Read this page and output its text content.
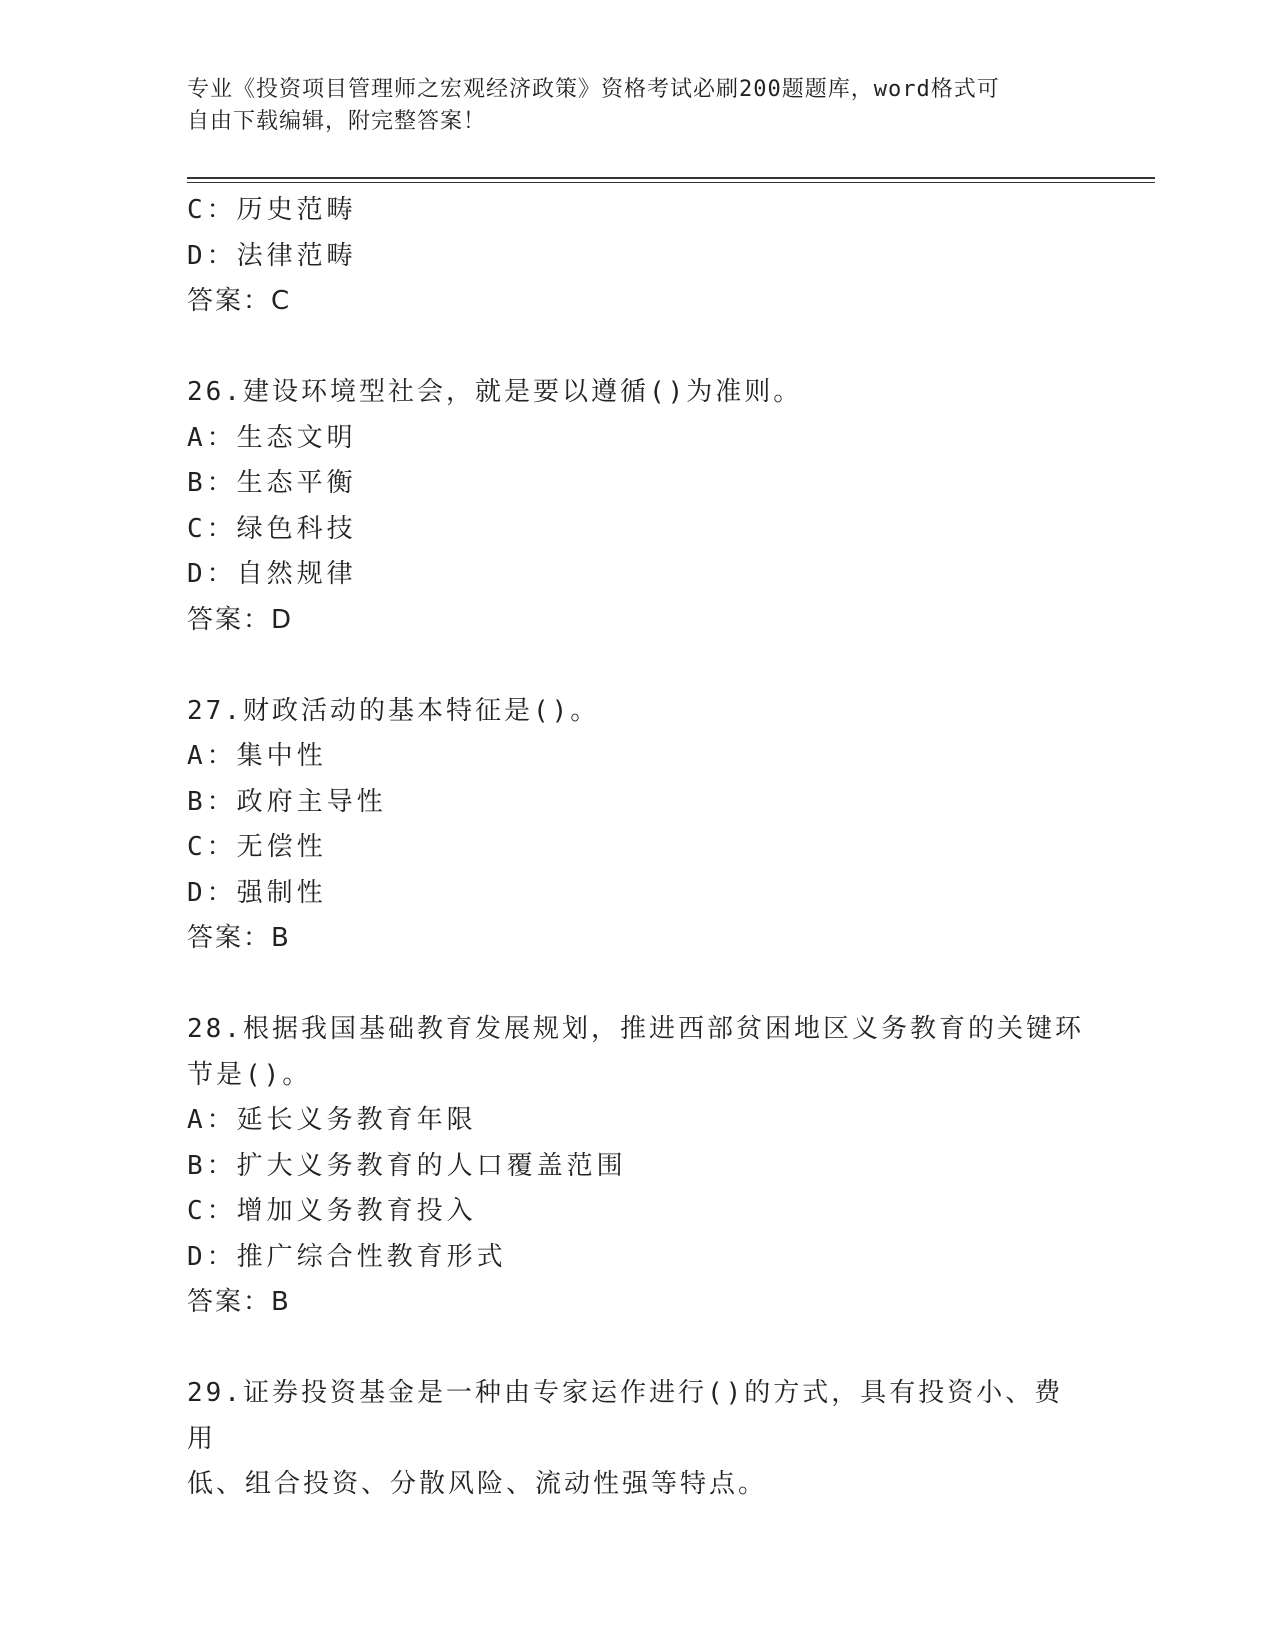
专业《投资项目管理师之宏观经济政策》资格考试必刷200题题库，word格式可
自由下载编辑，附完整答案！
C：历史范畴
D：法律范畴
答案：C
26.建设环境型社会，就是要以遵循()为准则。
A：生态文明
B：生态平衡
C：绿色科技
D：自然规律
答案：D
27.财政活动的基本特征是()。
A：集中性
B：政府主导性
C：无偿性
D：强制性
答案：B
28.根据我国基础教育发展规划，推进西部贫困地区义务教育的关键环
节是()。
A：延长义务教育年限
B：扩大义务教育的人口覆盖范围
C：增加义务教育投入
D：推广综合性教育形式
答案：B
29.证券投资基金是一种由专家运作进行()的方式，具有投资小、费用
低、组合投资、分散风险、流动性强等特点。
